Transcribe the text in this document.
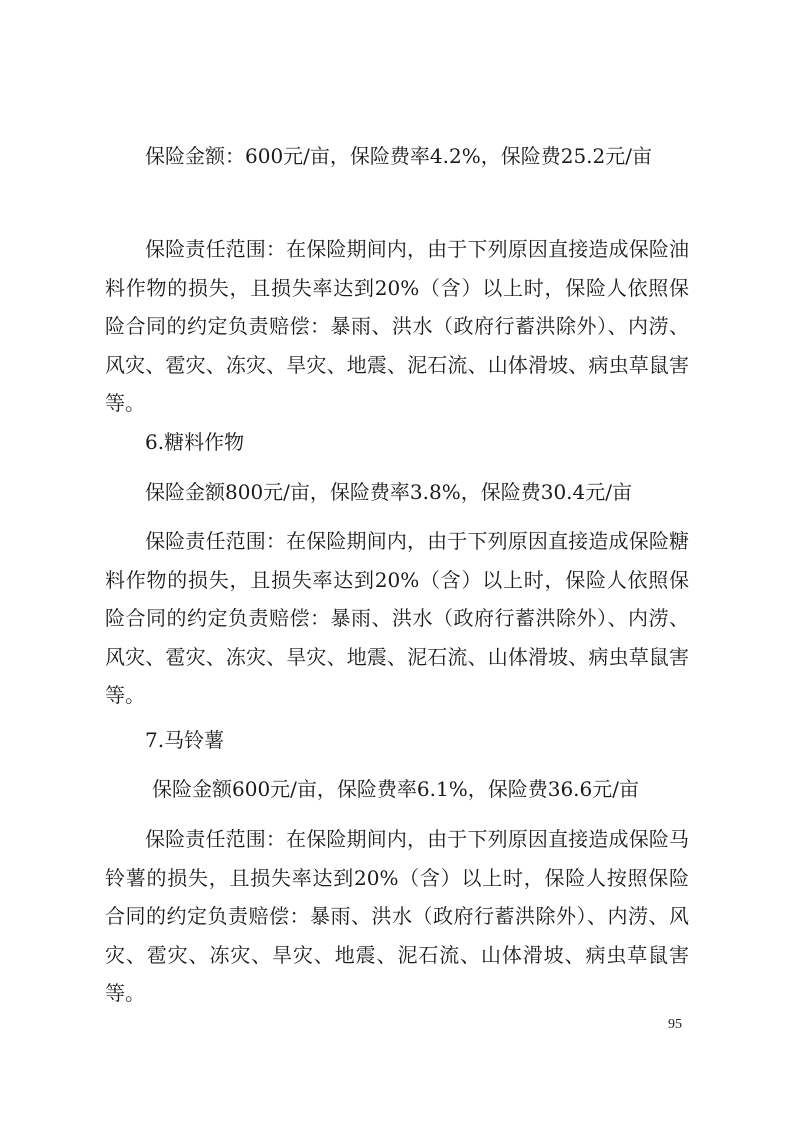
保险金额：600元/亩，保险费率4.2%，保险费25.2元/亩

保险责任范围：在保险期间内，由于下列原因直接造成保险油料作物的损失，且损失率达到20%（含）以上时，保险人依照保险合同的约定负责赔偿：暴雨、洪水（政府行蓄洪除外）、内涝、风灾、雹灾、冻灾、旱灾、地震、泥石流、山体滑坡、病虫草鼠害等。

6.糖料作物

保险金额800元/亩，保险费率3.8%，保险费30.4元/亩

保险责任范围：在保险期间内，由于下列原因直接造成保险糖料作物的损失，且损失率达到20%（含）以上时，保险人依照保险合同的约定负责赔偿：暴雨、洪水（政府行蓄洪除外）、内涝、风灾、雹灾、冻灾、旱灾、地震、泥石流、山体滑坡、病虫草鼠害等。

7.马铃薯

保险金额600元/亩，保险费率6.1%，保险费36.6元/亩

保险责任范围：在保险期间内，由于下列原因直接造成保险马铃薯的损失，且损失率达到20%（含）以上时，保险人按照保险合同的约定负责赔偿：暴雨、洪水（政府行蓄洪除外）、内涝、风灾、雹灾、冻灾、旱灾、地震、泥石流、山体滑坡、病虫草鼠害等。

95
